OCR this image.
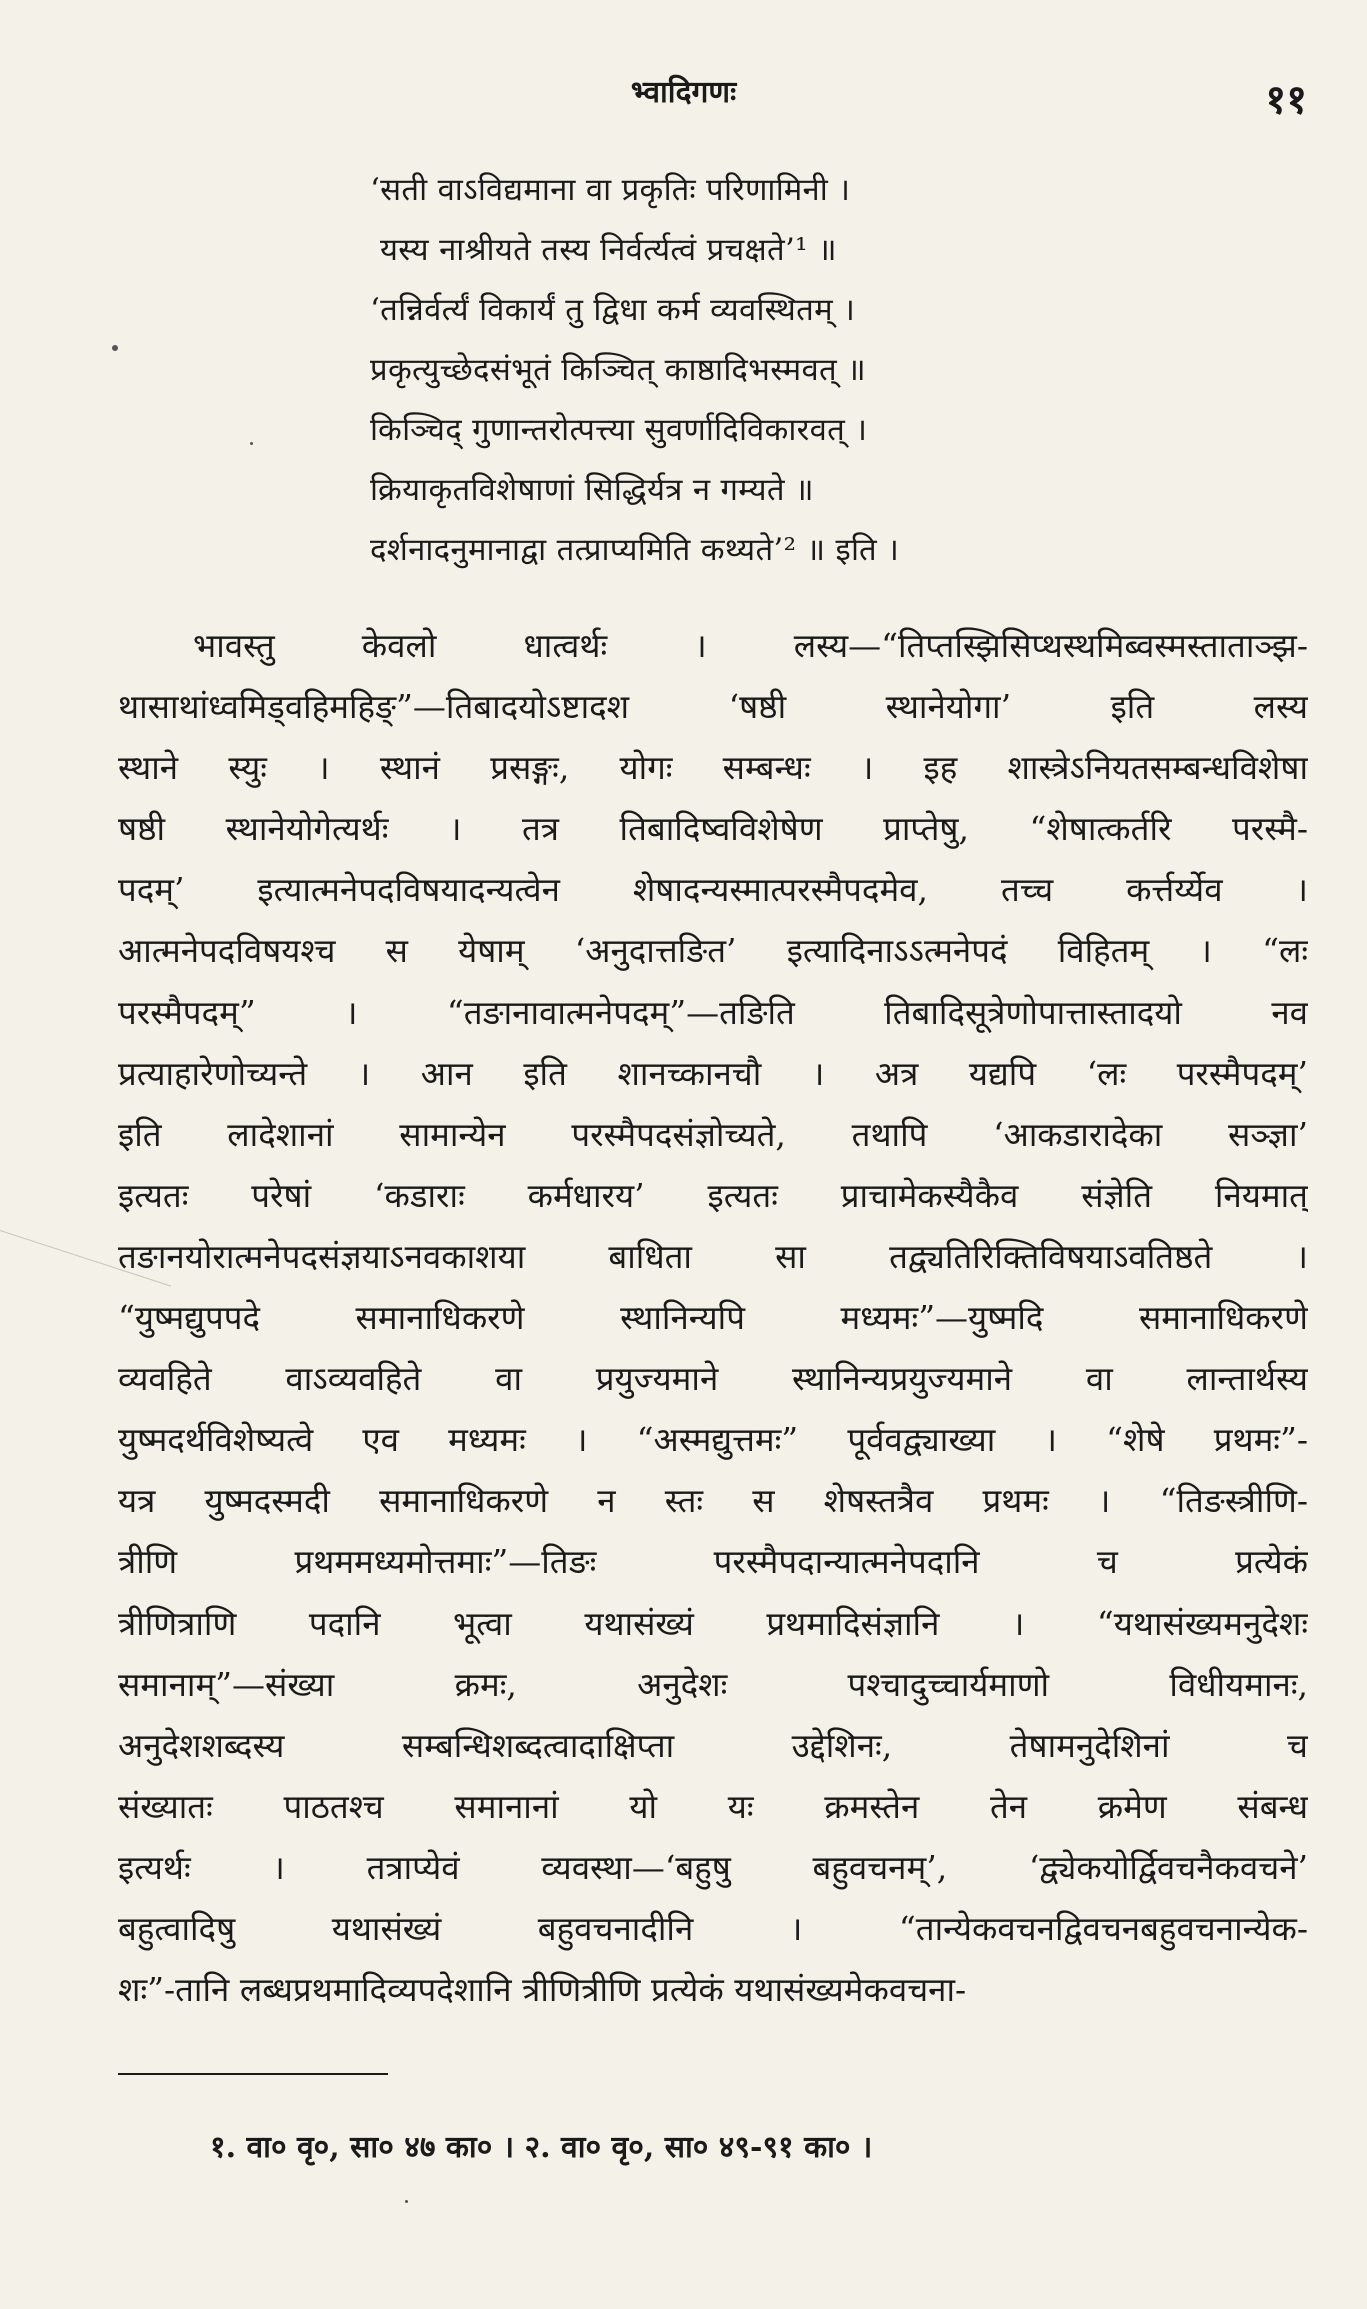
भ्वादिगणः	११
‘सती वाऽविद्यमाना वा प्रकृतिः परिणामिनी ।
यस्य नाश्रीयते तस्य निर्वर्त्यत्वं प्रचक्षते’¹ ॥
‘तन्निर्वर्त्यं विकार्यं तु द्विधा कर्म व्यवस्थितम् ।
प्रकृत्युच्छेदसंभूतं किञ्चित् काष्ठादिभस्मवत् ॥
किञ्चिद् गुणान्तरोत्पत्त्या सुवर्णादिविकारवत् ।
क्रियाकृतविशेषाणां सिद्धिर्यत्र न गम्यते ॥
दर्शनादनुमानाद्वा तत्प्राप्यमिति कथ्यते’² ॥ इति ।
भावस्तु केवलो धात्वर्थः । लस्य—“तिप्तस्झिसिप्थस्थमिब्वस्मस्ताताञ्झ-
थासाथांध्वमिड्वहिमहिङ्”—तिबादयोऽष्टादश ‘षष्ठी स्थानेयोगा’ इति लस्य
स्थाने स्युः । स्थानं प्रसङ्गः, योगः सम्बन्धः । इह शास्त्रेऽनियतसम्बन्धविशेषा
षष्ठी स्थानेयोगेत्यर्थः । तत्र तिबादिष्वविशेषेण प्राप्तेषु, “शेषात्कर्तरि परस्मै-
पदम्’ इत्यात्मनेपदविषयादन्यत्वेन शेषादन्यस्मात्परस्मैपदमेव, तच्च कर्त्तर्य्येव ।
आत्मनेपदविषयश्च स येषाम् ‘अनुदात्तङित’ इत्यादिनाऽऽत्मनेपदं विहितम् । “लः
परस्मैपदम्” । “तङानावात्मनेपदम्”—तङिति तिबादिसूत्रेणोपात्तास्तादयो नव
प्रत्याहारेणोच्यन्ते । आन इति शानच्कानचौ । अत्र यद्यपि ‘लः परस्मैपदम्’
इति लादेशानां सामान्येन परस्मैपदसंज्ञोच्यते, तथापि ‘आकडारादेका सञ्ज्ञा’
इत्यतः परेषां ‘कडाराः कर्मधारय’ इत्यतः प्राचामेकस्यैकैव संज्ञेति नियमात्
तङानयोरात्मनेपदसंज्ञयाऽनवकाशया बाधिता सा तद्व्यतिरिक्तिविषयाऽवतिष्ठते ।
“युष्मद्युपपदे समानाधिकरणे स्थानिन्यपि मध्यमः”—युष्मदि समानाधिकरणे
व्यवहिते वाऽव्यवहिते वा प्रयुज्यमाने स्थानिन्यप्रयुज्यमाने वा लान्तार्थस्य
युष्मदर्थविशेष्यत्वे एव मध्यमः । “अस्मद्युत्तमः” पूर्ववद्व्याख्या । “शेषे प्रथमः”-
यत्र युष्मदस्मदी समानाधिकरणे न स्तः स शेषस्तत्रैव प्रथमः । “तिङस्त्रीणि-
त्रीणि प्रथममध्यमोत्तमाः”—तिङः परस्मैपदान्यात्मनेपदानि च प्रत्येकं
त्रीणित्राणि पदानि भूत्वा यथासंख्यं प्रथमादिसंज्ञानि । “यथासंख्यमनुदेशः
समानाम्”—संख्या क्रमः, अनुदेशः पश्चादुच्चार्यमाणो विधीयमानः,
अनुदेशशब्दस्य सम्बन्धिशब्दत्वादाक्षिप्ता उद्देशिनः, तेषामनुदेशिनां च
संख्यातः पाठतश्च समानानां यो यः क्रमस्तेन तेन क्रमेण संबन्ध
इत्यर्थः । तत्राप्येवं व्यवस्था—‘बहुषु बहुवचनम्’, ‘द्व्येकयोर्द्विवचनैकवचने’
बहुत्वादिषु यथासंख्यं बहुवचनादीनि । “तान्येकवचनद्विवचनबहुवचनान्येक-
शः”-तानि लब्धप्रथमादिव्यपदेशानि त्रीणित्रीणि प्रत्येकं यथासंख्यमेकवचना-
१. वा० वृ०, सा० ४७ का० । २. वा० वृ०, सा० ४९-९१ का० ।
